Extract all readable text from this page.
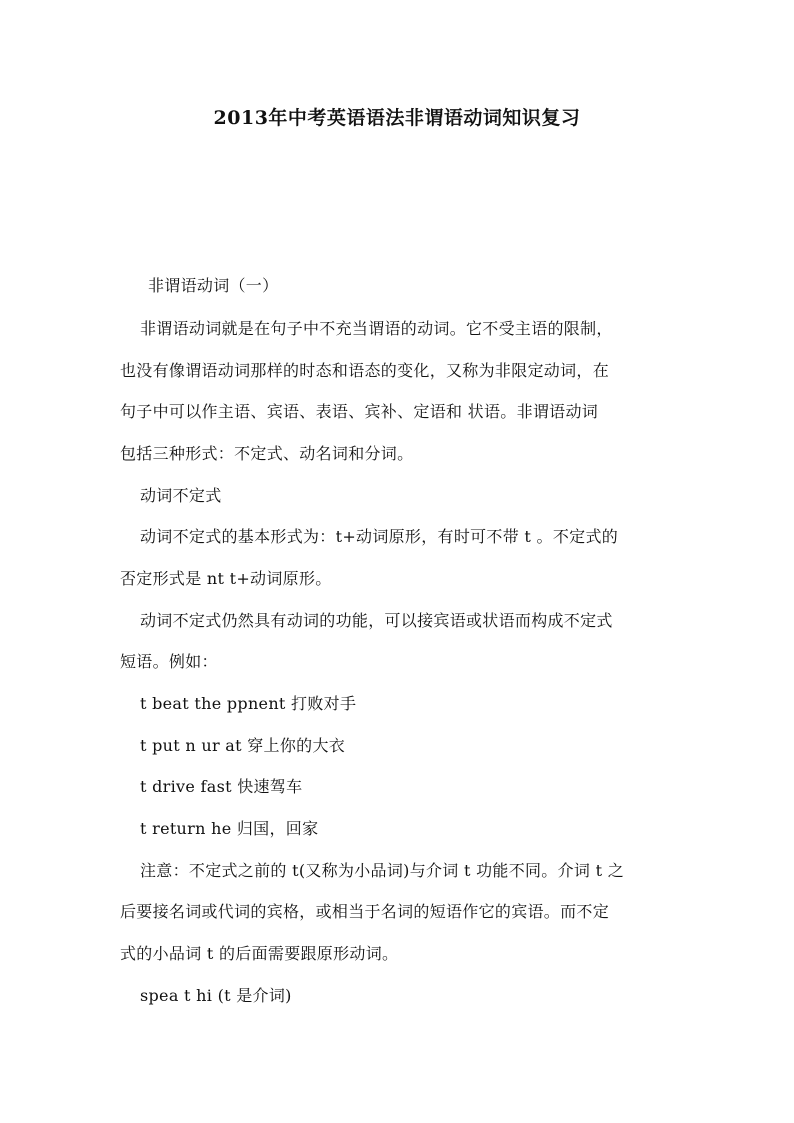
2013年中考英语语法非谓语动词知识复习
非谓语动词（一）
非谓语动词就是在句子中不充当谓语的动词。它不受主语的限制，
也没有像谓语动词那样的时态和语态的变化，又称为非限定动词，在
句子中可以作主语、宾语、表语、宾补、定语和 状语。非谓语动词
包括三种形式：不定式、动名词和分词。
动词不定式
动词不定式的基本形式为：t+动词原形，有时可不带 t 。不定式的
否定形式是 nt t+动词原形。
动词不定式仍然具有动词的功能，可以接宾语或状语而构成不定式
短语。例如：
t beat the ppnent 打败对手
t put n ur at 穿上你的大衣
t drive fast 快速驾车
t return he 归国，回家
注意：不定式之前的 t(又称为小品词)与介词 t 功能不同。介词 t 之
后要接名词或代词的宾格，或相当于名词的短语作它的宾语。而不定
式的小品词 t 的后面需要跟原形动词。
spea t hi (t 是介词)
